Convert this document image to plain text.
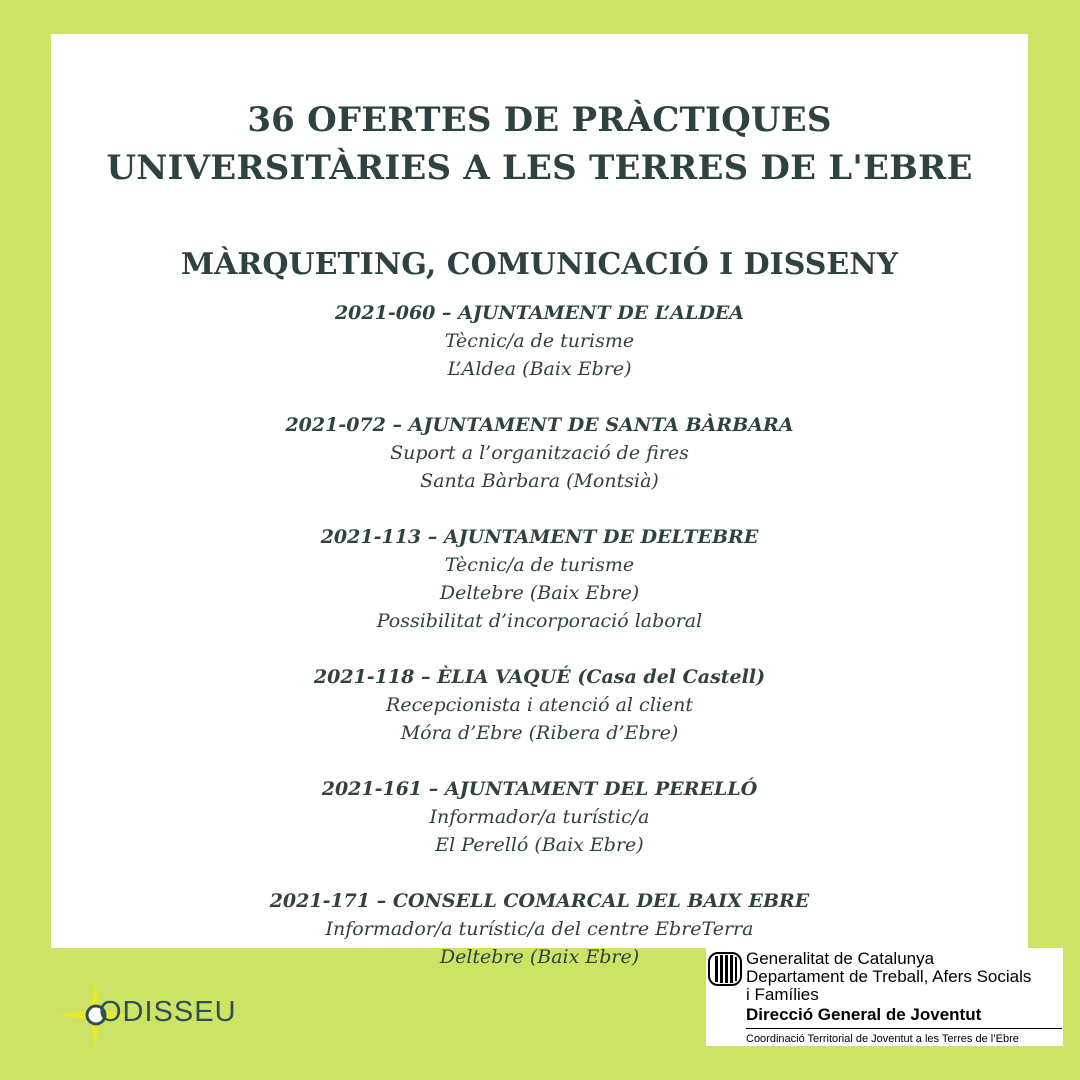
36 OFERTES DE PRÀCTIQUES
UNIVERSITÀRIES A LES TERRES DE L'EBRE
MÀRQUETING, COMUNICACIÓ I DISSENY
2021-060 – AJUNTAMENT DE L’ALDEA
Tècnic/a de turisme
L’Aldea (Baix Ebre)
2021-072 – AJUNTAMENT DE SANTA BÀRBARA
Suport a l’organització de fires
Santa Bàrbara (Montsià)
2021-113 – AJUNTAMENT DE DELTEBRE
Tècnic/a de turisme
Deltebre (Baix Ebre)
Possibilitat d’incorporació laboral
2021-118 – ÈLIA VAQUÉ (Casa del Castell)
Recepcionista i atenció al client
Móra d’Ebre (Ribera d’Ebre)
2021-161 – AJUNTAMENT DEL PERELLÓ
Informador/a turístic/a
El Perelló (Baix Ebre)
2021-171 – CONSELL COMARCAL DEL BAIX EBRE
Informador/a turístic/a del centre EbreTerra
Deltebre (Baix Ebre)
ODISSEU
Generalitat de Catalunya
Departament de Treball, Afers Socials
i Famílies
Direcció General de Joventut
Coordinació Territorial de Joventut a les Terres de l’Ebre
